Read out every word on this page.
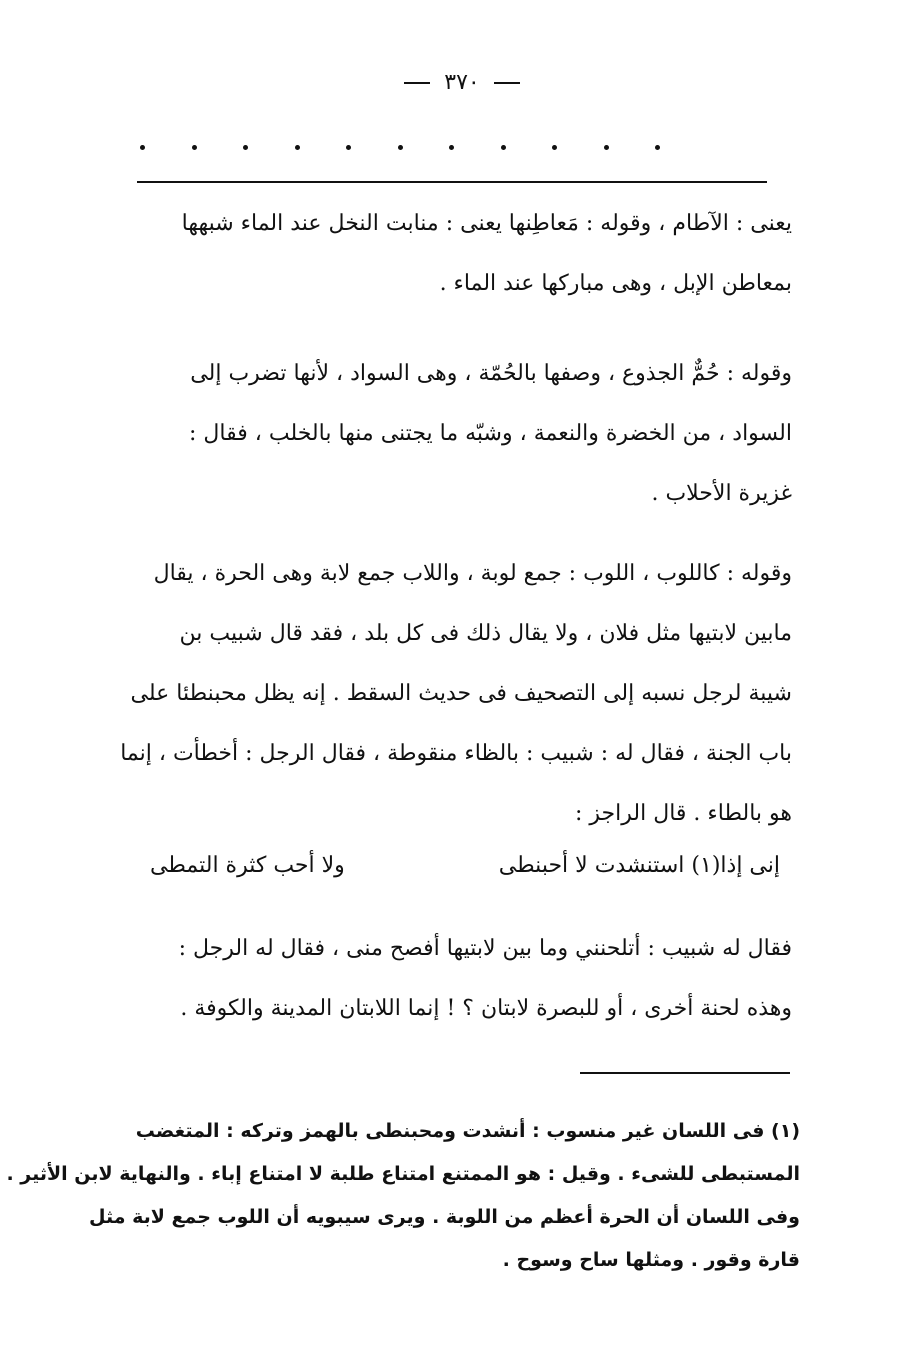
٣٧٠
يعنى : الآطام ، وقوله : مَعاطِنها يعنى : منابت النخل عند الماء شبهها
بمعاطن الإبل ، وهى مباركها عند الماء .
وقوله : حُمٌّ الجذوع ، وصفها بالحُمّة ، وهى السواد ، لأنها تضرب إلى
السواد ، من الخضرة والنعمة ، وشبّه ما يجتنى منها بالخلب ، فقال :
غزيرة الأحلاب .
وقوله : كاللوب ، اللوب : جمع لوبة ، واللاب جمع لابة وهى الحرة ، يقال
مابين لابتيها مثل فلان ، ولا يقال ذلك فى كل بلد ، فقد قال شبيب بن
شيبة لرجل نسبه إلى التصحيف فى حديث السقط . إنه يظل محبنطئا على
باب الجنة ، فقال له : شبيب : بالظاء منقوطة ، فقال الرجل : أخطأت ، إنما
هو بالطاء . قال الراجز :
إنى إذا(١) استنشدت لا أحبنطى
ولا أحب كثرة التمطى
فقال له شبيب : أتلحنني وما بين لابتيها أفصح منى ، فقال له الرجل :
وهذه لحنة أخرى ، أو للبصرة لابتان ؟ ! إنما اللابتان المدينة والكوفة .
(١) فى اللسان غير منسوب : أنشدت ومحبنطى بالهمز وتركه : المتغضب
المستبطى للشىء . وقيل : هو الممتنع امتناع طلبة لا امتناع إباء . والنهاية لابن الأثير .
وفى اللسان أن الحرة أعظم من اللوبة . ويرى سيبويه أن اللوب جمع لابة مثل
قارة وقور . ومثلها ساح وسوح .
